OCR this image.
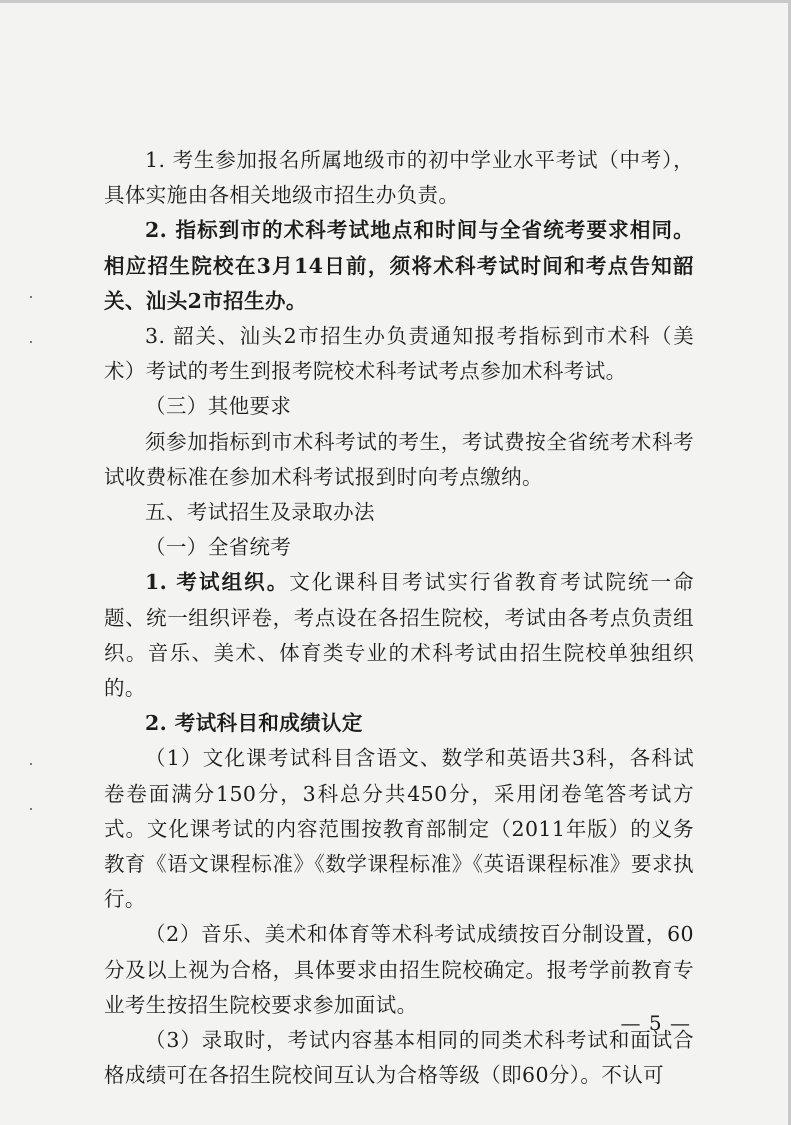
1. 考生参加报名所属地级市的初中学业水平考试（中考），具体实施由各相关地级市招生办负责。

2. 指标到市的术科考试地点和时间与全省统考要求相同。相应招生院校在3月14日前，须将术科考试时间和考点告知韶关、汕头2市招生办。

3. 韶关、汕头2市招生办负责通知报考指标到市术科（美术）考试的考生到报考院校术科考试考点参加术科考试。

（三）其他要求

须参加指标到市术科考试的考生，考试费按全省统考术科考试收费标准在参加术科考试报到时向考点缴纳。

五、考试招生及录取办法

（一）全省统考

1. 考试组织。文化课科目考试实行省教育考试院统一命题、统一组织评卷，考点设在各招生院校，考试由各考点负责组织。音乐、美术、体育类专业的术科考试由招生院校单独组织的。

2. 考试科目和成绩认定

（1）文化课考试科目含语文、数学和英语共3科，各科试卷卷面满分150分，3科总分共450分，采用闭卷笔答考试方式。文化课考试的内容范围按教育部制定（2011年版）的义务教育《语文课程标准》《数学课程标准》《英语课程标准》要求执行。

（2）音乐、美术和体育等术科考试成绩按百分制设置，60分及以上视为合格，具体要求由招生院校确定。报考学前教育专业考生按招生院校要求参加面试。

（3）录取时，考试内容基本相同的同类术科考试和面试合格成绩可在各招生院校间互认为合格等级（即60分）。不认可

— 5 —
